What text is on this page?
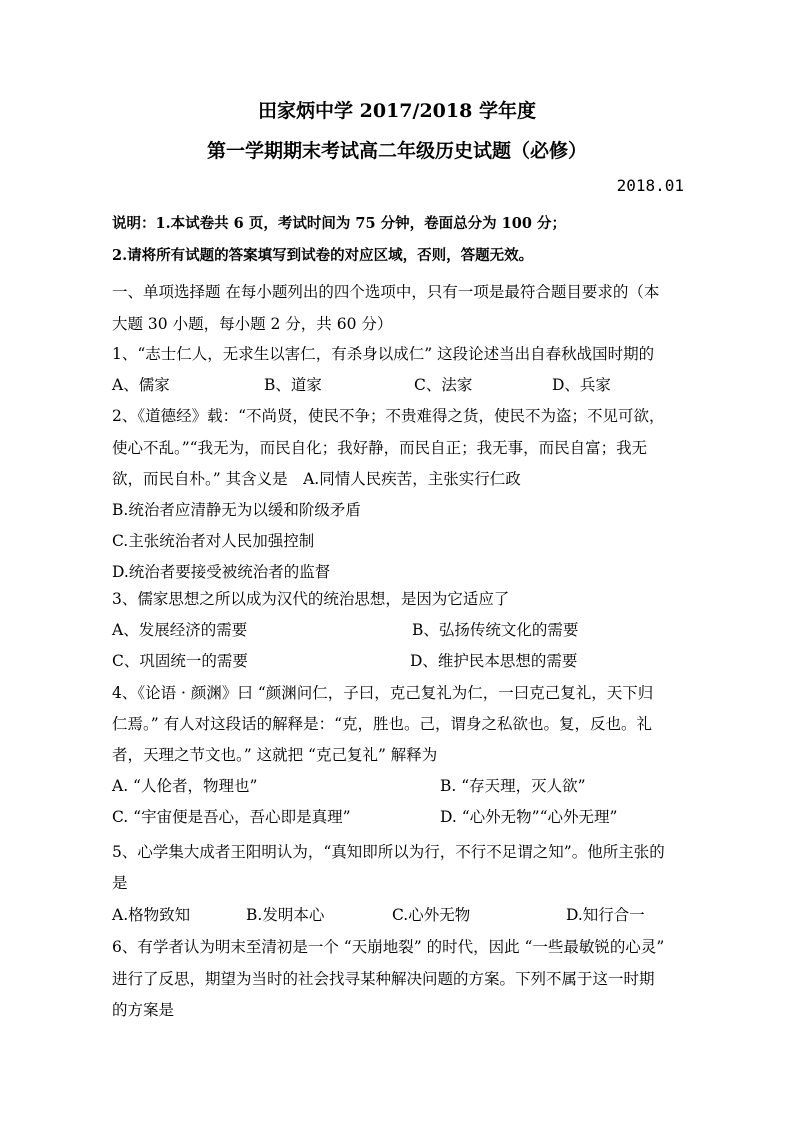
田家炳中学 2017/2018 学年度
第一学期期末考试高二年级历史试题（必修）
2018.01
说明：1.本试卷共 6 页，考试时间为 75 分钟，卷面总分为 100 分；
2.请将所有试题的答案填写到试卷的对应区域，否则，答题无效。
一、单项选择题 在每小题列出的四个选项中，只有一项是最符合题目要求的（本
大题 30 小题，每小题 2 分，共 60 分）
1、“志士仁人，无求生以害仁，有杀身以成仁” 这段论述当出自春秋战国时期的
A、儒家	B、道家	C、法家	D、兵家
2、《道德经》载：“不尚贤，使民不争；不贵难得之货，使民不为盗；不见可欲，
使心不乱。”“我无为，而民自化；我好静，而民自正；我无事，而民自富；我无
欲，而民自朴。” 其含义是　A.同情人民疾苦，主张实行仁政
B.统治者应清静无为以缓和阶级矛盾
C.主张统治者对人民加强控制
D.统治者要接受被统治者的监督
3、儒家思想之所以成为汉代的统治思想，是因为它适应了
A、发展经济的需要	B、弘扬传统文化的需要
C、巩固统一的需要	D、维护民本思想的需要
4、《论语 · 颜渊》曰 “颜渊问仁，子曰，克己复礼为仁，一曰克己复礼，天下归
仁焉。” 有人对这段话的解释是：“克，胜也。己，谓身之私欲也。复，反也。礼
者，天理之节文也。” 这就把 “克己复礼” 解释为
A. “人伦者，物理也”	B. “存天理，灭人欲”
C. “宇宙便是吾心，吾心即是真理”	D. “心外无物”“心外无理”
5、心学集大成者王阳明认为，“真知即所以为行，不行不足谓之知”。他所主张的
是
A.格物致知	B.发明本心	C.心外无物	D.知行合一
6、有学者认为明末至清初是一个 “天崩地裂” 的时代，因此 “一些最敏锐的心灵”
进行了反思，期望为当时的社会找寻某种解决问题的方案。下列不属于这一时期
的方案是
